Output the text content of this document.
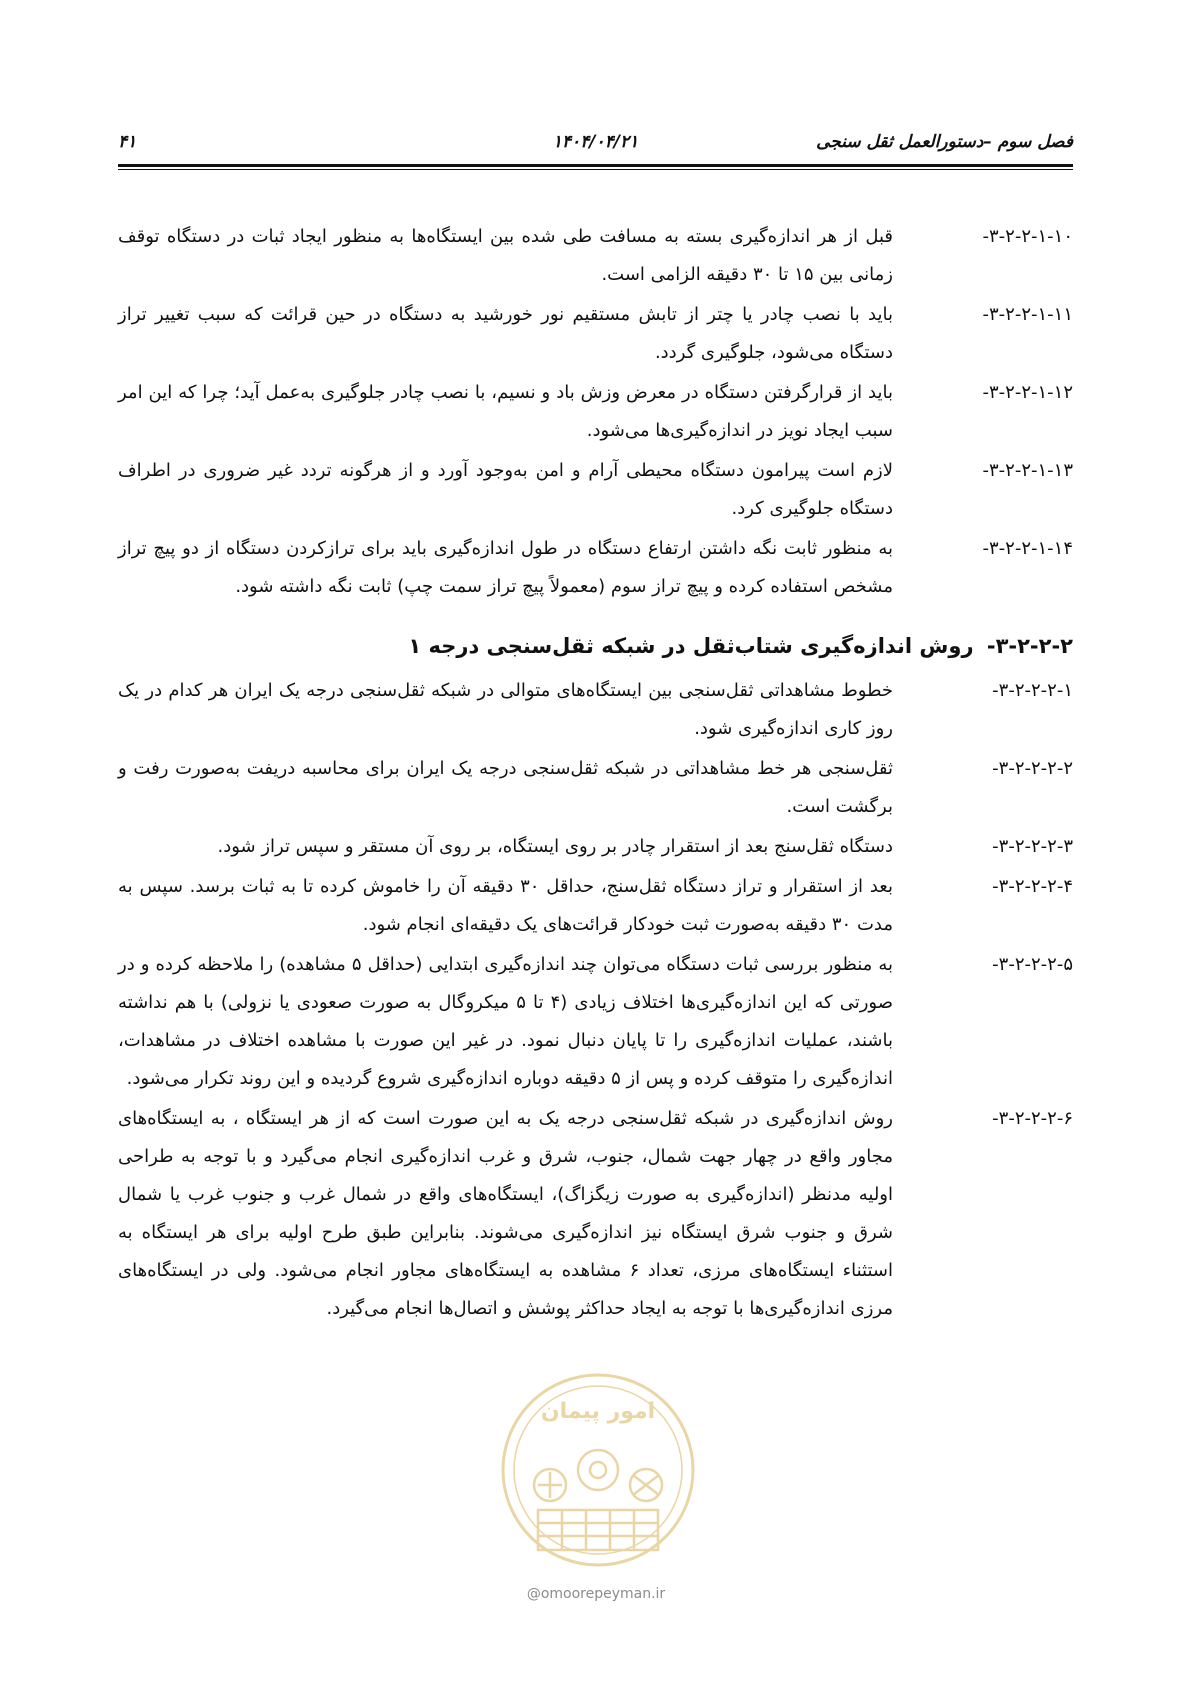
فصل سوم –دستورالعمل ثقل سنجی
۱۴۰۴/۰۴/۲۱
۴۱
۳-۲-۲-۱-۱۰-
قبل از هر اندازه‌گیری بسته به مسافت طی شده بین ایستگاه‌ها به منظور ایجاد ثبات در دستگاه توقف زمانی بین ۱۵ تا ۳۰ دقیقه الزامی است.
۳-۲-۲-۱-۱۱-
باید با نصب چادر یا چتر از تابش مستقیم نور خورشید به دستگاه در حین قرائت که سبب تغییر تراز دستگاه می‌شود، جلوگیری گردد.
۳-۲-۲-۱-۱۲-
باید از قرارگرفتن دستگاه در معرض وزش باد و نسیم، با نصب چادر جلوگیری به‌عمل آید؛ چرا که این امر سبب ایجاد نویز در اندازه‌گیری‌ها می‌شود.
۳-۲-۲-۱-۱۳-
لازم است پیرامون دستگاه محیطی آرام و امن به‌وجود آورد و از هرگونه تردد غیر ضروری در اطراف دستگاه جلوگیری کرد.
۳-۲-۲-۱-۱۴-
به منظور ثابت نگه داشتن ارتفاع دستگاه در طول اندازه‌گیری باید برای ترازکردن دستگاه از دو پیچ تراز مشخص استفاده کرده و پیچ تراز سوم (معمولاً پیچ تراز سمت چپ) ثابت نگه داشته شود.
۳-۲-۲-۲- روش اندازه‌گیری شتاب‌ثقل در شبکه ثقل‌سنجی درجه ۱
۳-۲-۲-۲-۱-
خطوط مشاهداتی ثقل‌سنجی بین ایستگاه‌های متوالی در شبکه ثقل‌سنجی درجه یک ایران هر کدام در یک روز کاری اندازه‌گیری شود.
۳-۲-۲-۲-۲-
ثقل‌سنجی هر خط مشاهداتی در شبکه ثقل‌سنجی درجه یک ایران برای محاسبه دریفت به‌صورت رفت و برگشت است.
۳-۲-۲-۲-۳-
دستگاه ثقل‌سنج بعد از استقرار چادر بر روی ایستگاه، بر روی آن مستقر و سپس تراز شود.
۳-۲-۲-۲-۴-
بعد از استقرار و تراز دستگاه ثقل‌سنج، حداقل ۳۰ دقیقه آن را خاموش کرده تا به ثبات برسد. سپس به مدت ۳۰ دقیقه به‌صورت ثبت خودکار قرائت‌های یک دقیقه‌ای انجام شود.
۳-۲-۲-۲-۵-
به منظور بررسی ثبات دستگاه می‌توان چند اندازه‌گیری ابتدایی (حداقل ۵ مشاهده) را ملاحظه کرده و در صورتی که این اندازه‌گیری‌ها اختلاف زیادی (۴ تا ۵ میکروگال به صورت صعودی یا نزولی) با هم نداشته باشند، عملیات اندازه‌گیری را تا پایان دنبال نمود. در غیر این صورت با مشاهده اختلاف در مشاهدات، اندازه‌گیری را متوقف کرده و پس از ۵ دقیقه دوباره اندازه‌گیری شروع گردیده و این روند تکرار می‌شود.
۳-۲-۲-۲-۶-
روش اندازه‌گیری در شبکه ثقل‌سنجی درجه یک به این صورت است که از هر ایستگاه ، به ایستگاه‌های مجاور واقع در چهار جهت شمال، جنوب، شرق و غرب اندازه‌گیری انجام می‌گیرد و با توجه به طراحی اولیه مدنظر (اندازه‌گیری به صورت زیگزاگ)، ایستگاه‌های واقع در شمال غرب و جنوب غرب یا شمال شرق و جنوب شرق ایستگاه نیز اندازه‌گیری می‌شوند. بنابراین طبق طرح اولیه برای هر ایستگاه به استثناء ایستگاه‌های مرزی، تعداد ۶ مشاهده به ایستگاه‌های مجاور انجام می‌شود. ولی در ایستگاه‌های مرزی اندازه‌گیری‌ها با توجه به ایجاد حداکثر پوشش و اتصال‌ها انجام می‌گیرد.
امور پیمان
@omoorepeyman.ir
